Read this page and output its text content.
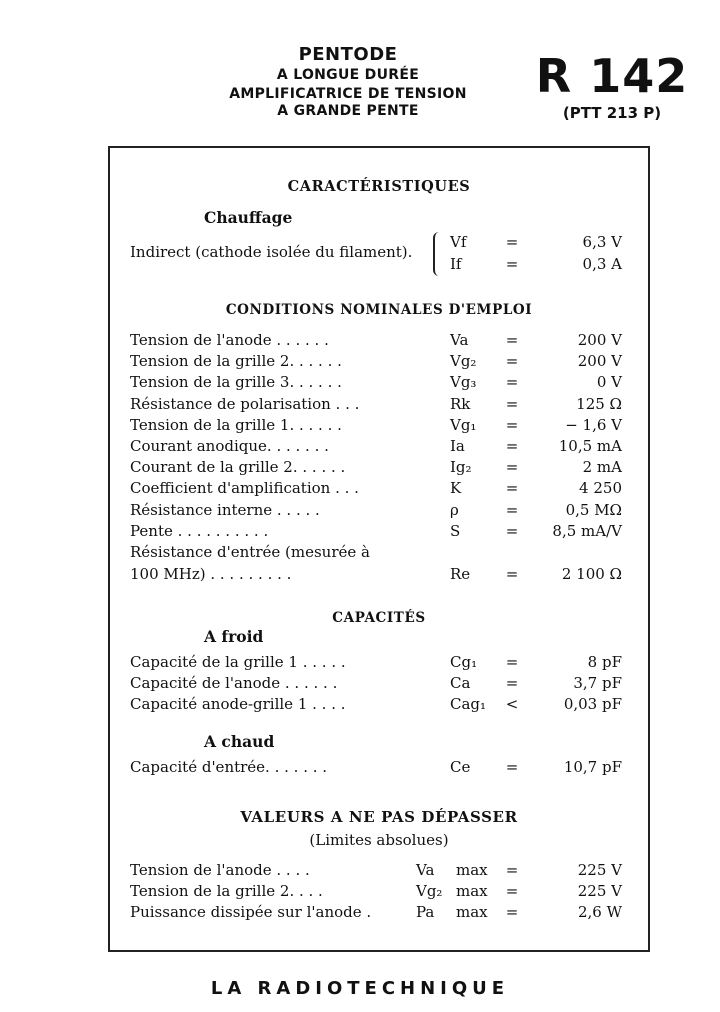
PENTODE
A LONGUE DURÉE
AMPLIFICATRICE DE TENSION
A GRANDE PENTE
R 142
(PTT 213 P)
CARACTÉRISTIQUES
Chauffage
Indirect (cathode isolée du filament).
Vf	=	6,3 V
If	=	0,3 A
CONDITIONS NOMINALES D'EMPLOI
Tension de l'anode . . . . . .	Va =	200 V
Tension de la grille 2. . . . . .	Vg₂ =	200 V
Tension de la grille 3. . . . . .	Vg₃ =	0 V
Résistance de polarisation . . .	Rk =	125 Ω
Tension de la grille 1. . . . . .	Vg₁ =	− 1,6 V
Courant anodique. . . . . . .	Ia	=	10,5 mA
Courant de la grille 2. . . . . .	Ig₂ =	2 mA
Coefficient d'amplification . . .	K	=	4 250
Résistance interne . . . . .	ρ	=	0,5 MΩ
Pente . . . . . . . . . .	S	= 8,5 mA/V
Résistance d'entrée (mesurée à
100 MHz) . . . . . . . . .	Re =	2 100 Ω
CAPACITÉS
A froid
Capacité de la grille 1 . . . . .	Cg₁ =	8 pF
Capacité de l'anode . . . . . .	Ca =	3,7 pF
Capacité anode-grille 1 . . . .	Cag₁ <	0,03 pF
A chaud
Capacité d'entrée. . . . . . .	Ce =	10,7 pF
VALEURS A NE PAS DÉPASSER
(Limites absolues)
Tension de l'anode . . . .	Va max =	225 V
Tension de la grille 2. . . .	Vg₂ max =	225 V
Puissance dissipée sur l'anode .	Pa max =	2,6 W
LA RADIOTECHNIQUE
